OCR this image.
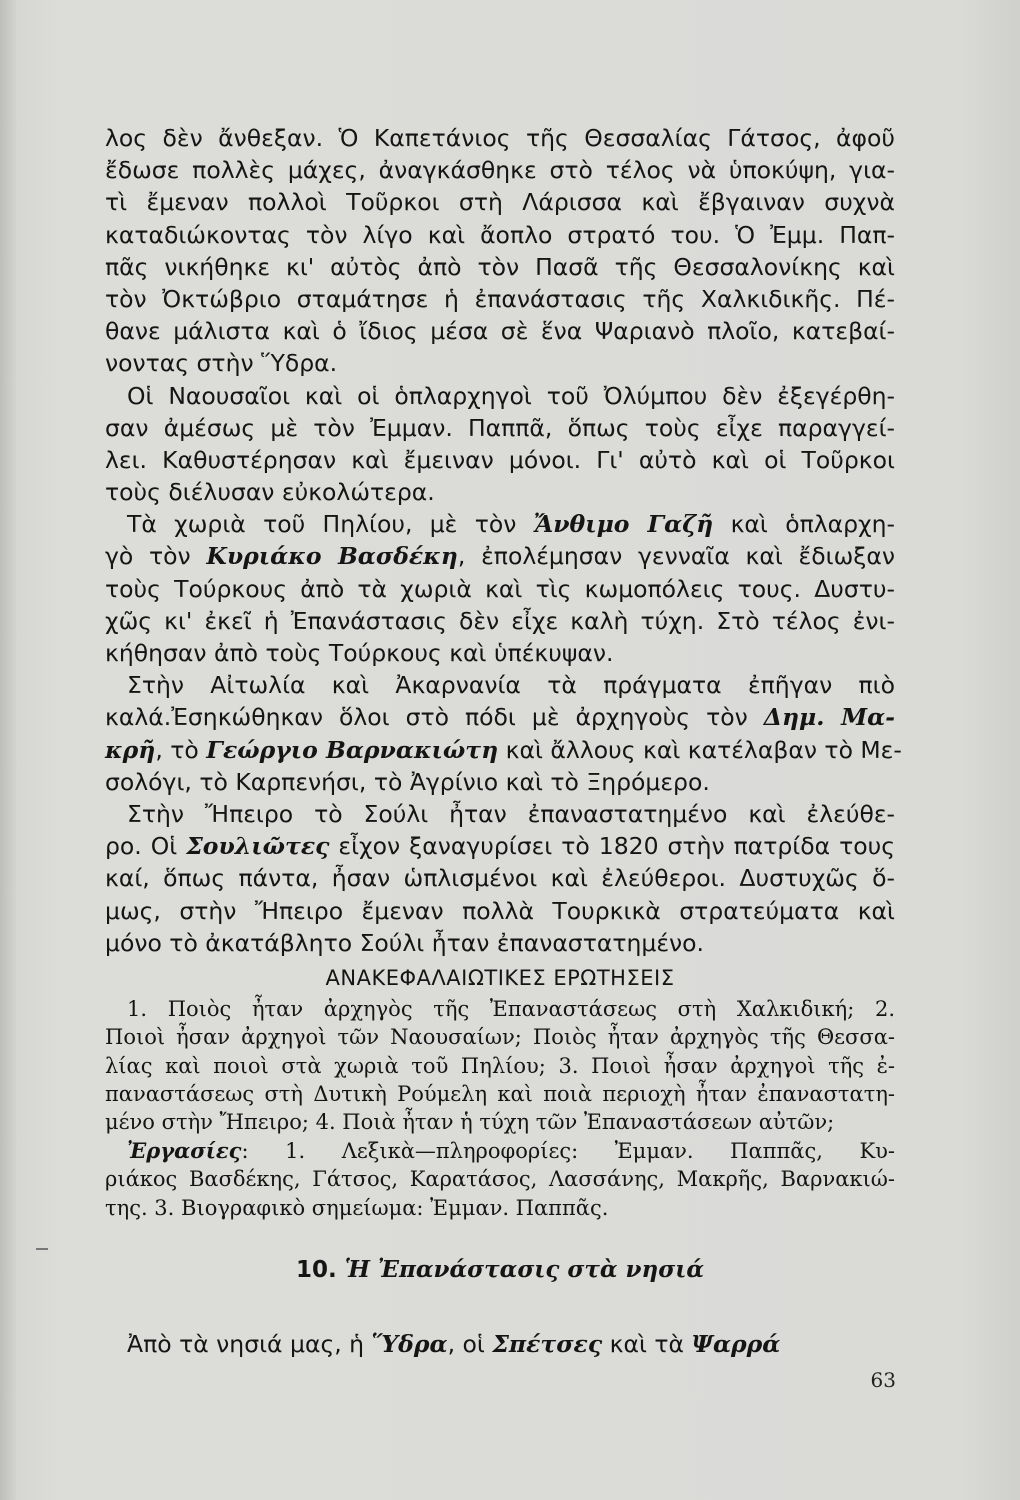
λος δὲν ἄνθεξαν. Ὁ Καπετάνιος τῆς Θεσσαλίας Γάτσος, ἀφοῦ
ἔδωσε πολλὲς μάχες, ἀναγκάσθηκε στὸ τέλος νὰ ὑποκύψη, για-
τὶ ἔμεναν πολλοὶ Τοῦρκοι στὴ Λάρισσα καὶ ἔβγαιναν συχνὰ
καταδιώκοντας τὸν λίγο καὶ ἄοπλο στρατό του. Ὁ Ἐμμ. Παπ-
πᾶς νικήθηκε κι' αὐτὸς ἀπὸ τὸν Πασᾶ τῆς Θεσσαλονίκης καὶ
τὸν Ὀκτώβριο σταμάτησε ἡ ἐπανάστασις τῆς Χαλκιδικῆς. Πέ-
θανε μάλιστα καὶ ὁ ἴδιος μέσα σὲ ἕνα Ψαριανὸ πλοῖο, κατεβαί-
νοντας στὴν Ὕδρα.
Οἱ Ναουσαῖοι καὶ οἱ ὁπλαρχηγοὶ τοῦ Ὀλύμπου δὲν ἐξεγέρθη-
σαν ἀμέσως μὲ τὸν Ἐμμαν. Παππᾶ, ὅπως τοὺς εἶχε παραγγεί-
λει. Καθυστέρησαν καὶ ἔμειναν μόνοι. Γι' αὐτὸ καὶ οἱ Τοῦρκοι
τοὺς διέλυσαν εὐκολώτερα.
Τὰ χωριὰ τοῦ Πηλίου, μὲ τὸν Ἄνθιμο Γαζῆ καὶ ὁπλαρχη-
γὸ τὸν Κυριάκο Βασδέκη, ἐπολέμησαν γενναῖα καὶ ἔδιωξαν
τοὺς Τούρκους ἀπὸ τὰ χωριὰ καὶ τὶς κωμοπόλεις τους. Δυστυ-
χῶς κι' ἐκεῖ ἡ Ἐπανάστασις δὲν εἶχε καλὴ τύχη. Στὸ τέλος ἐνι-
κήθησαν ἀπὸ τοὺς Τούρκους καὶ ὑπέκυψαν.
Στὴν Αἰτωλία καὶ Ἀκαρνανία τὰ πράγματα ἐπῆγαν πιὸ
καλά.Ἐσηκώθηκαν ὅλοι στὸ πόδι μὲ ἀρχηγοὺς τὸν Δημ. Μα-
κρῆ, τὸ Γεώργιο Βαρνακιώτη καὶ ἄλλους καὶ κατέλαβαν τὸ Με-
σολόγι, τὸ Καρπενήσι, τὸ Ἀγρίνιο καὶ τὸ Ξηρόμερο.
Στὴν Ἤπειρο τὸ Σούλι ἦταν ἐπαναστατημένο καὶ ἐλεύθε-
ρο. Οἱ Σουλιῶτες εἶχον ξαναγυρίσει τὸ 1820 στὴν πατρίδα τους
καί, ὅπως πάντα, ἦσαν ὡπλισμένοι καὶ ἐλεύθεροι. Δυστυχῶς ὅ-
μως, στὴν Ἤπειρο ἔμεναν πολλὰ Τουρκικὰ στρατεύματα καὶ
μόνο τὸ ἀκατάβλητο Σούλι ἦταν ἐπαναστατημένο.
ΑΝΑΚΕΦΑΛΑΙΩΤΙΚΕΣ ΕΡΩΤΗΣΕΙΣ
1. Ποιὸς ἦταν ἀρχηγὸς τῆς Ἐπαναστάσεως στὴ Χαλκιδική; 2.
Ποιοὶ ἦσαν ἀρχηγοὶ τῶν Ναουσαίων; Ποιὸς ἦταν ἀρχηγὸς τῆς Θεσσα-
λίας καὶ ποιοὶ στὰ χωριὰ τοῦ Πηλίου; 3. Ποιοὶ ἦσαν ἀρχηγοὶ τῆς ἐ-
παναστάσεως στὴ Δυτικὴ Ρούμελη καὶ ποιὰ περιοχὴ ἦταν ἐπαναστατη-
μένο στὴν Ἤπειρο; 4. Ποιὰ ἦταν ἡ τύχη τῶν Ἐπαναστάσεων αὐτῶν;
Ἐργασίες: 1. Λεξικὰ—πληροφορίες: Ἐμμαν. Παππᾶς, Κυ-
ριάκος Βασδέκης, Γάτσος, Καρατάσος, Λασσάνης, Μακρῆς, Βαρνακιώ-
της. 3. Βιογραφικὸ σημείωμα: Ἐμμαν. Παππᾶς.
10. Ἡ Ἐπανάστασις στὰ νησιά
Ἀπὸ τὰ νησιά μας, ἡ Ὕδρα, οἱ Σπέτσες καὶ τὰ Ψαρρά
63
